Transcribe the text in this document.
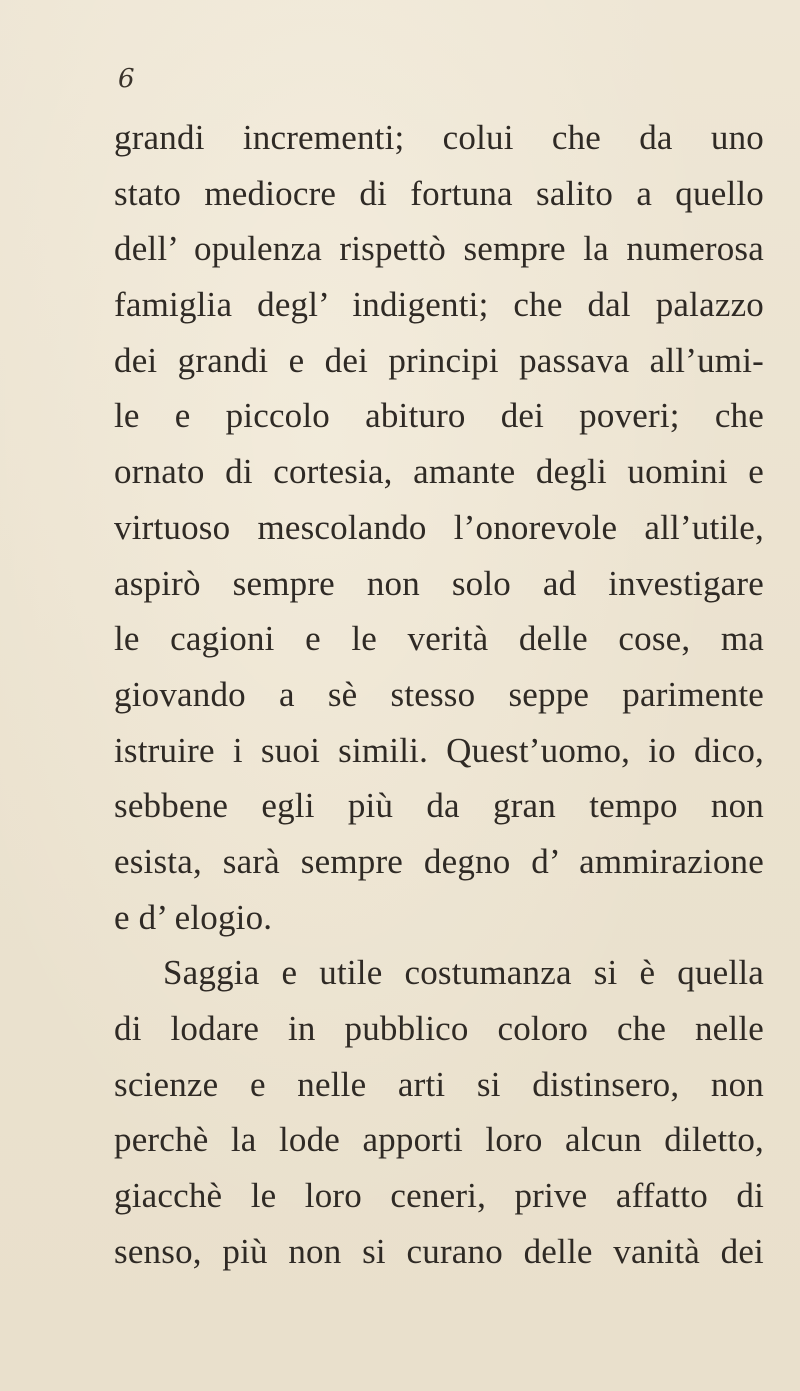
6
grandi incrementi; colui che da uno
stato mediocre di fortuna salito a quello
dell’ opulenza rispettò sempre la numerosa
famiglia degl’ indigenti; che dal palazzo
dei grandi e dei principi passava all’umi-
le e piccolo abituro dei poveri; che
ornato di cortesia, amante degli uomini e
virtuoso mescolando l’onorevole all’utile,
aspirò sempre non solo ad investigare
le cagioni e le verità delle cose, ma
giovando a sè stesso seppe parimente
istruire i suoi simili. Quest’uomo, io dico,
sebbene egli più da gran tempo non
esista, sarà sempre degno d’ ammirazione
e d’ elogio.
Saggia e utile costumanza si è quella
di lodare in pubblico coloro che nelle
scienze e nelle arti si distinsero, non
perchè la lode apporti loro alcun diletto,
giacchè le loro ceneri, prive affatto di
senso, più non si curano delle vanità dei
